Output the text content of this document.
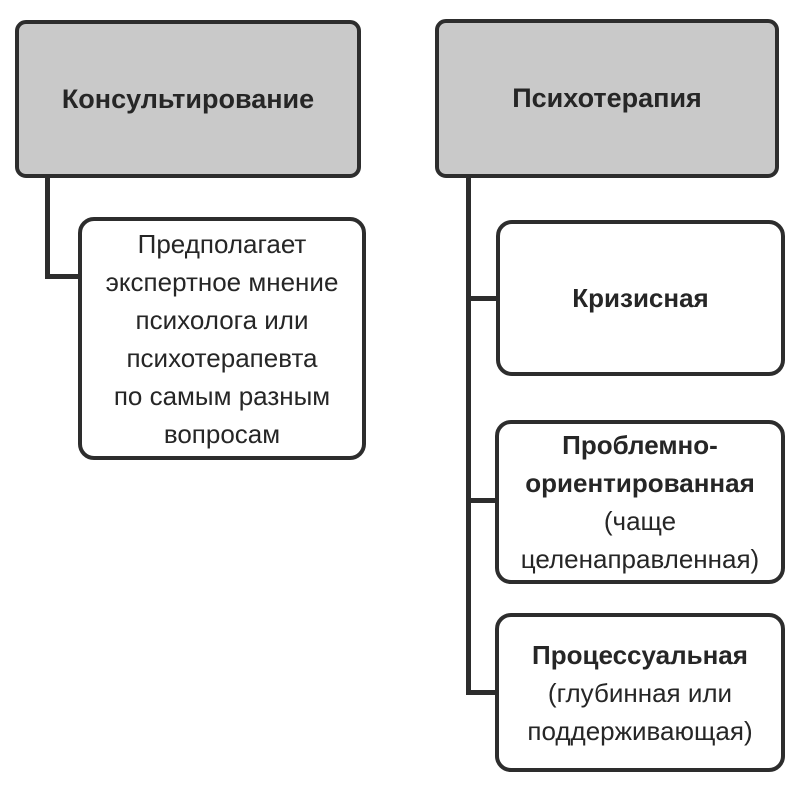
Консультирование
Предполагает
экспертное мнение
психолога или
психотерапевта
по самым разным
вопросам
Психотерапия
Кризисная
Проблемно-ориентированная
(чаще целенаправленная)
Процессуальная
(глубинная или поддерживающая)
